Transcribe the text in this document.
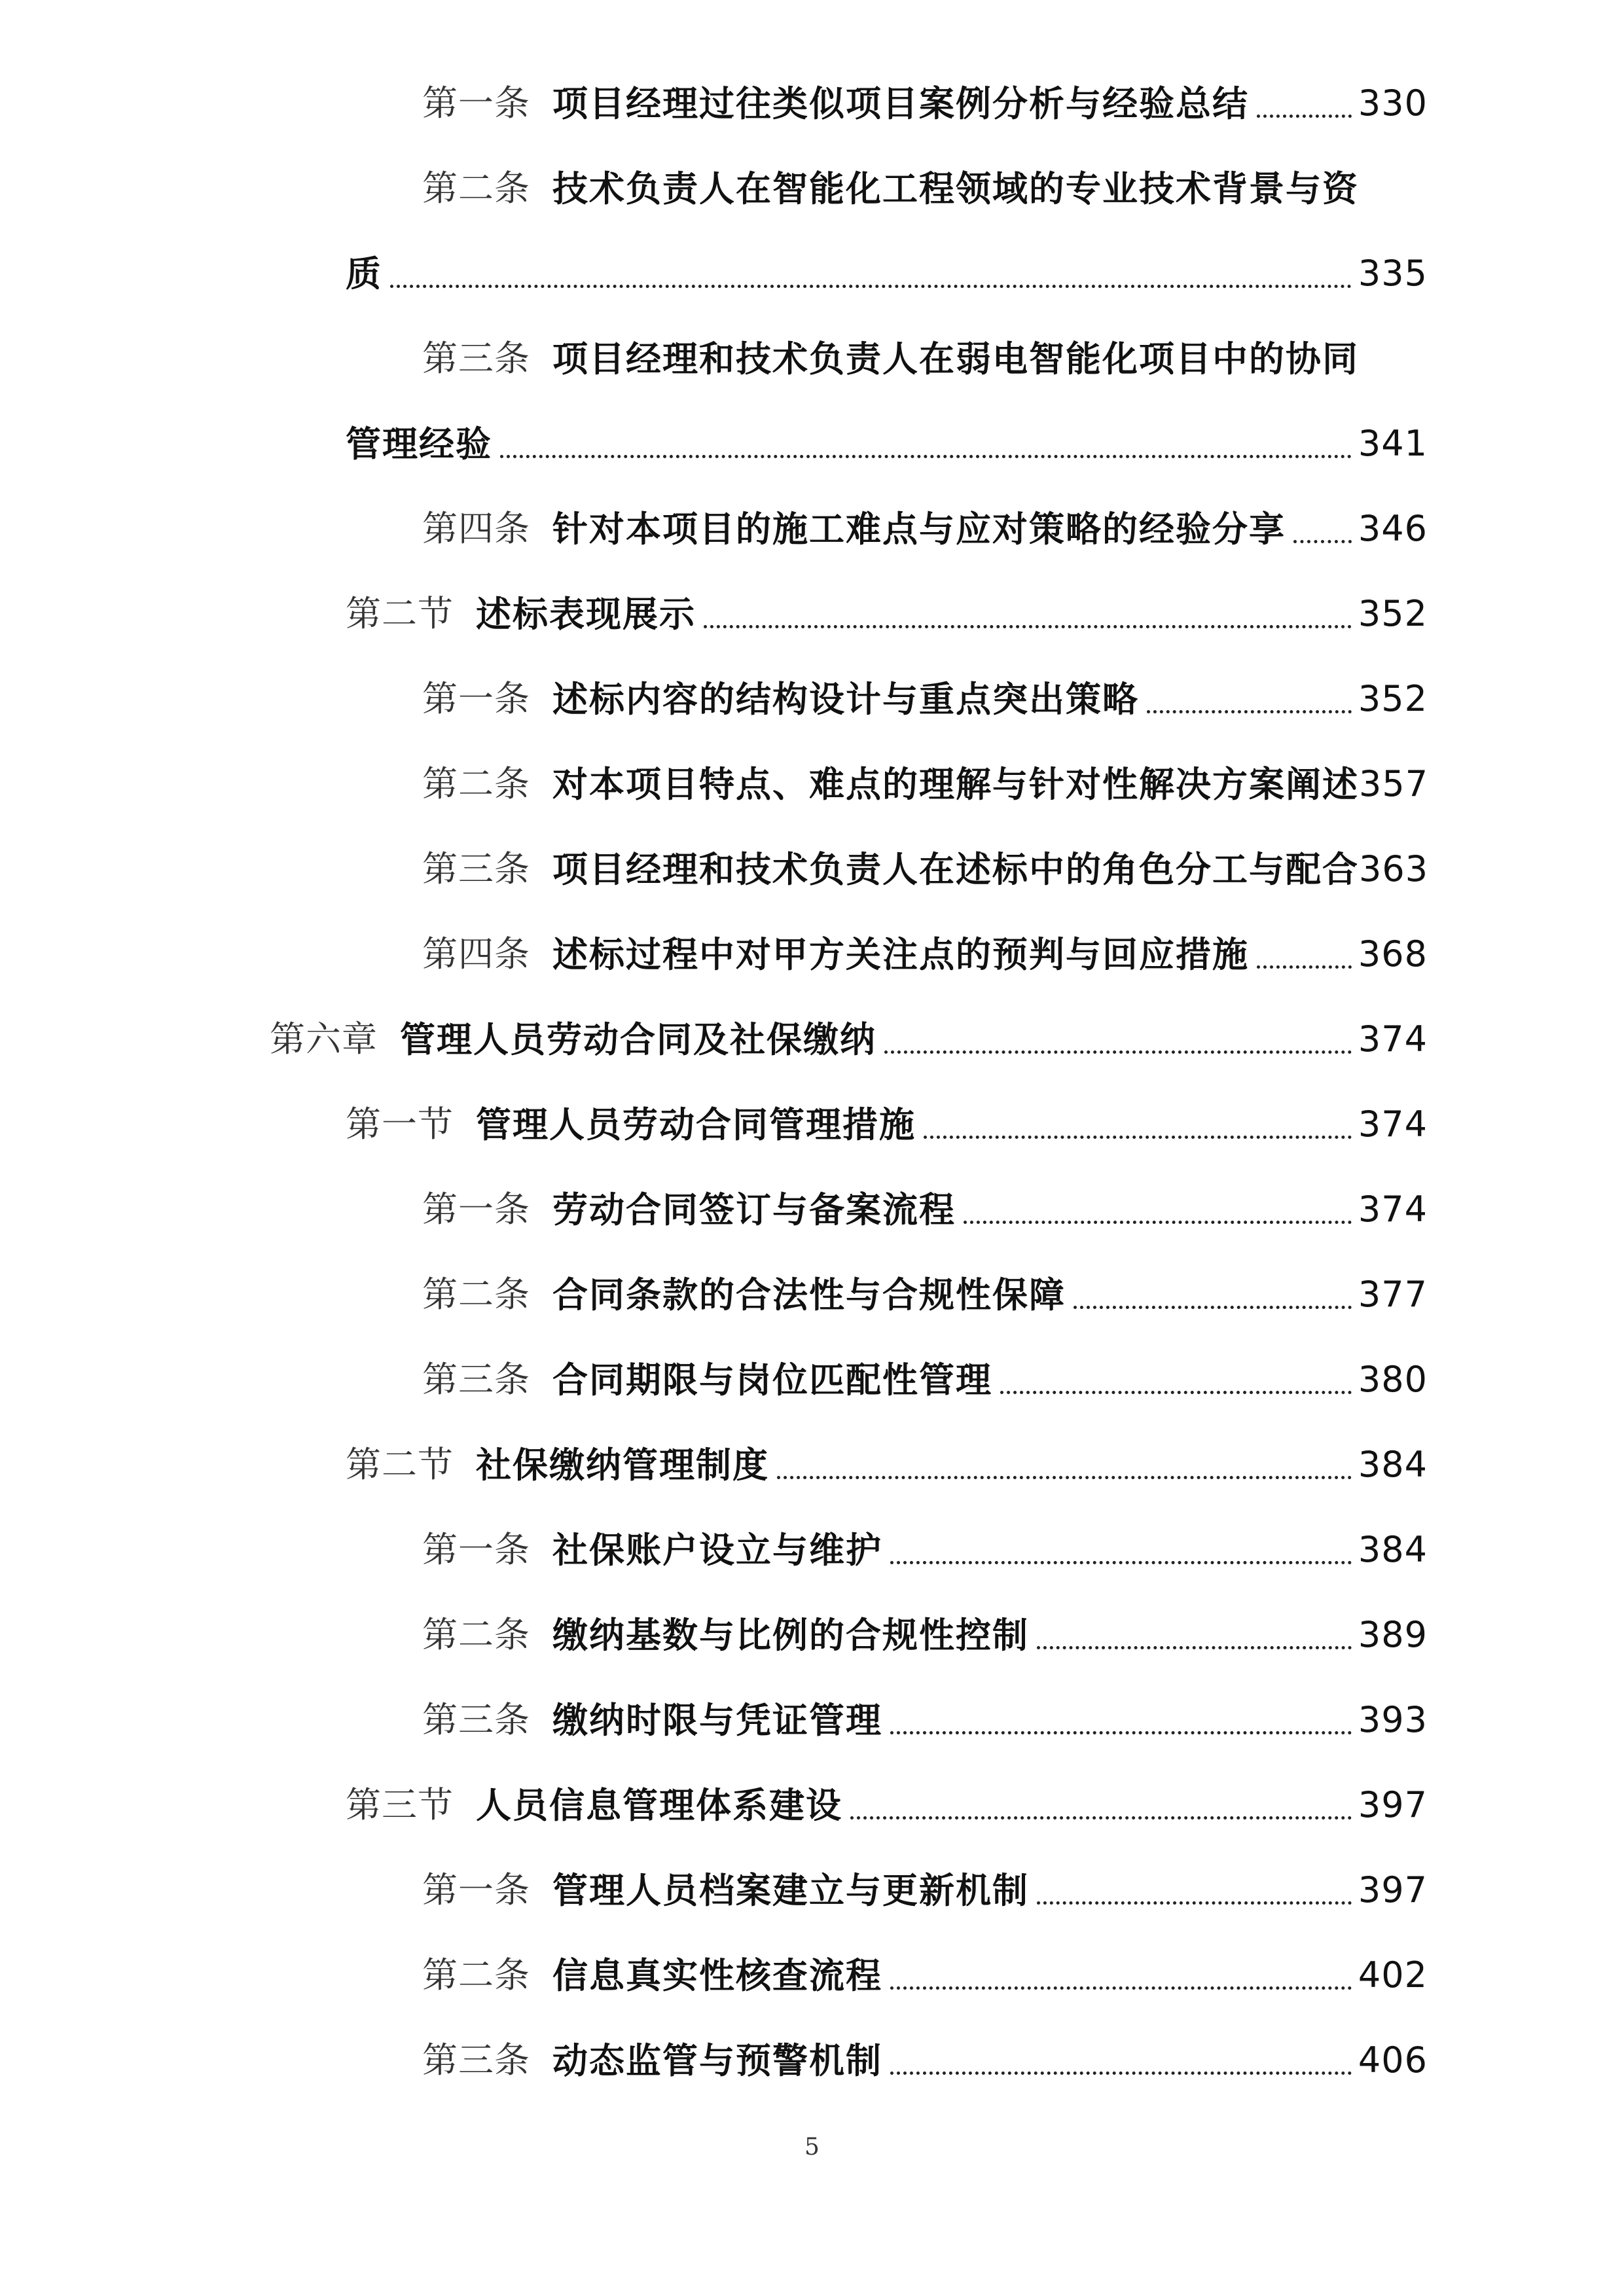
第一条 项目经理过往类似项目案例分析与经验总结	330
第二条 技术负责人在智能化工程领域的专业技术背景与资
质	335
第三条 项目经理和技术负责人在弱电智能化项目中的协同
管理经验	341
第四条 针对本项目的施工难点与应对策略的经验分享 346
第二节 述标表现展示	352
第一条 述标内容的结构设计与重点突出策略	352
第二条 对本项目特点、难点的理解与针对性解决方案阐述 357
第三条 项目经理和技术负责人在述标中的角色分工与配合 363
第四条 述标过程中对甲方关注点的预判与回应措施	368
第六章 管理人员劳动合同及社保缴纳	374
第一节 管理人员劳动合同管理措施	374
第一条 劳动合同签订与备案流程	374
第二条 合同条款的合法性与合规性保障	377
第三条 合同期限与岗位匹配性管理	380
第二节 社保缴纳管理制度	384
第一条 社保账户设立与维护	384
第二条 缴纳基数与比例的合规性控制	389
第三条 缴纳时限与凭证管理	393
第三节 人员信息管理体系建设	397
第一条 管理人员档案建立与更新机制	397
第二条 信息真实性核查流程	402
第三条 动态监管与预警机制	406
5
